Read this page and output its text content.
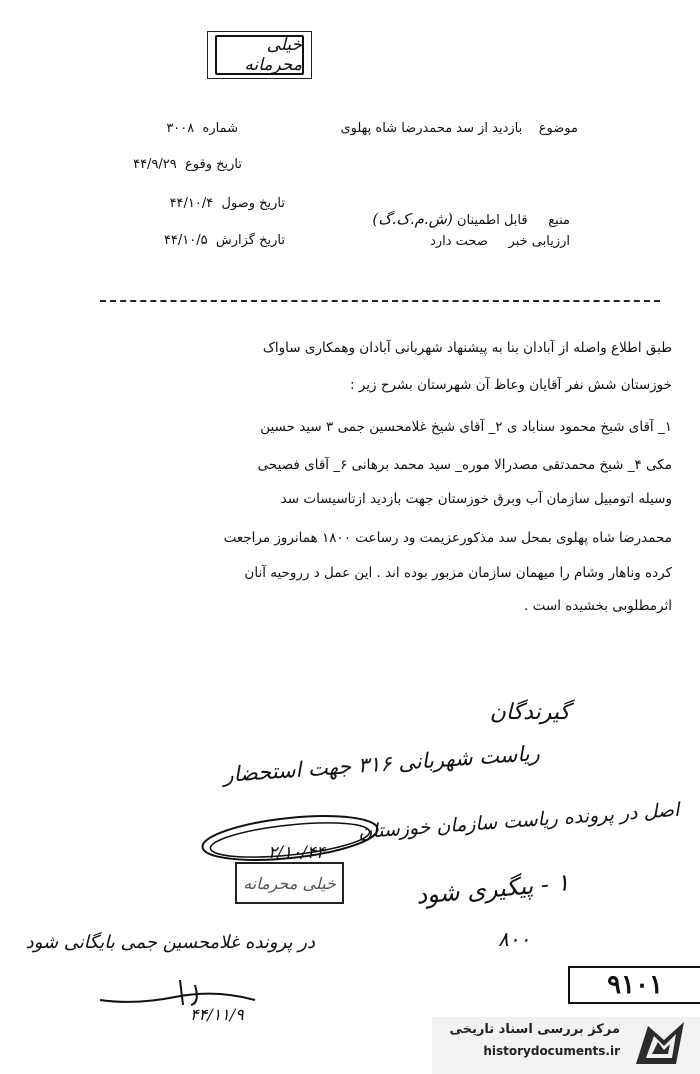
خیلی محرمانه
موضوع    بازدید از سد محمدرضا شاه پهلوی
شماره  ۳۰۰۸
تاریخ وقوع  ۴۴/۹/۲۹
تاریخ وصول  ۴۴/۱۰/۴
تاریخ گزارش  ۴۴/۱۰/۵
منبع     قابل اطمینان (ش.م.ک.گ)
ارزیابی خبر     صحت دارد
طبق اطلاع واصله از آبادان بنا به پیشنهاد شهربانی آبادان وهمکاری ساواک
خوزستان شش نفر آقایان وعاظ آن شهرستان بشرح زیر :
۱_ آقای شیخ محمود سناباد ی ۲_ آقای شیخ غلامحسین جمی ۳ سید حسین
مکی ۴_ شیخ محمدتقی مصدرالا موره_ سید محمد برهانی ۶_ آقای فصیحی
وسیله اتومبیل سازمان آب وبرق خوزستان جهت بازدید ازتاسیسات سد
محمدرضا شاه پهلوی بمحل سد مذکورعزیمت ود رساعت ۱۸۰۰ همانروز مراجعت
کرده وناهار وشام را میهمان سازمان مزبور بوده اند . این عمل د رروحیه آنان
اثرمطلوبی بخشیده است .
گیرندگان
ریاست شهربانی ۳۱۶ جهت استحضار
اصل در پرونده ریاست سازمان خوزستان
۲/۱۰/۴۴
خیلی محرمانه	۱ - پیگیری شود
۸۰۰
در پرونده غلامحسین جمی بایگانی شود
۴۴/۱۱/۹
۹۱۰۱
مرکز بررسی اسناد تاریخی
historydocuments.ir
